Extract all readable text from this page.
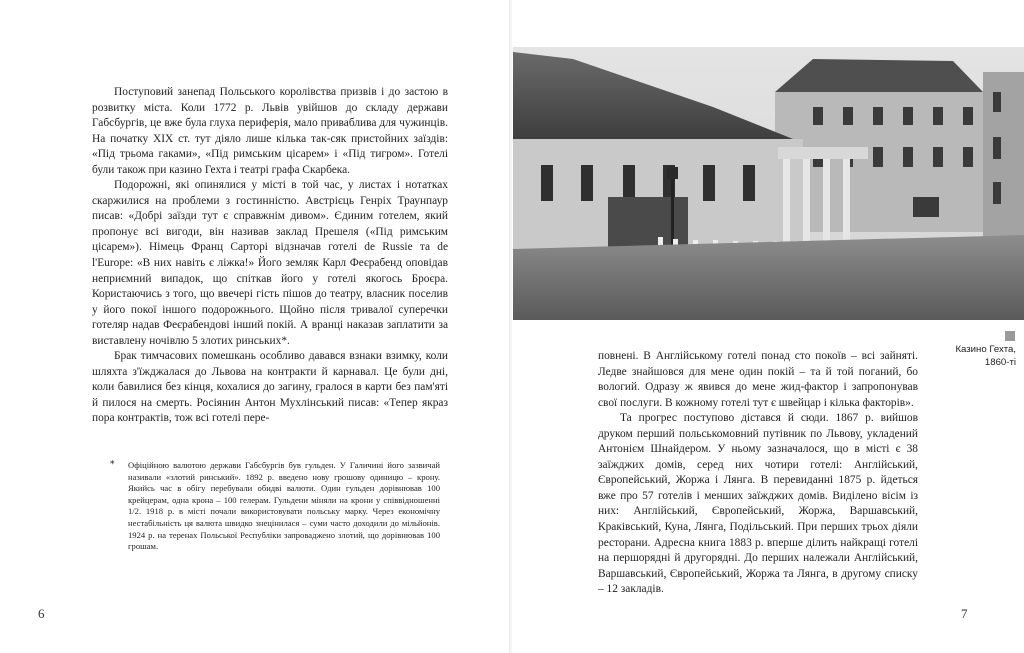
Поступовий занепад Польського королівства призвів і до застою в розвитку міста. Коли 1772 р. Львів увійшов до складу держави Габсбургів, це вже була глуха периферія, мало приваблива для чужинців. На початку XIX ст. тут діяло лише кілька так-сяк пристойних заїздів: «Під трьома гаками», «Під римським цісарем» і «Під тигром». Готелі були також при казино Гехта і театрі графа Скарбека.

Подорожні, які опинялися у місті в той час, у листах і нотатках скаржилися на проблеми з гостинністю. Австрієць Генріх Траунпаур писав: «Добрі заїзди тут є справжнім дивом». Єдиним готелем, який пропонує всі вигоди, він називав заклад Прешеля («Під римським цісарем»). Німець Франц Сарторі відзначав готелі de Russie та de l'Europe: «В них навіть є ліжка!» Його земляк Карл Феєрабенд оповідав неприємний випадок, що спіткав його у готелі якогось Броєра. Користаючись з того, що ввечері гість пішов до театру, власник поселив у його покої іншого подорожнього. Щойно після тривалої суперечки готеляр надав Феєрабендові інший покій. А вранці наказав заплатити за виставлену ночівлю 5 злотих ринських*.

Брак тимчасових помешкань особливо давався взнаки взимку, коли шляхта з'їжджалася до Львова на контракти й карнавал. Це були дні, коли бавилися без кінця, кохалися до загину, гралося в карти без пам'яті й пилося на смерть. Росіянин Антон Мухлінський писав: «Тепер якраз пора контрактів, тож всі готелі пере-

* Офіційною валютою держави Габсбургів був гульден. У Галичині його зазвичай називали «злотий ринський». 1892 р. введено нову грошову одиницю – крону. Якийсь час в обігу перебували обидві валюти. Один гульден дорівнював 100 крейцерам, одна крона – 100 гелерам. Гульдени міняли на крони у співвідношенні 1/2. 1918 р. в місті почали використовувати польську марку. Через економічну нестабільність ця валюта швидко знецінилася – суми часто доходили до мільйонів. 1924 р. на теренах Польської Республіки запроваджено злотий, що дорівнював 100 грошам.
6
Казино Гехта,
1860-ті

повнені. В Англійському готелі понад сто покоїв – всі зайняті. Ледве знайшовся для мене один покій – та й той поганий, бо вологий. Одразу ж явився до мене жид-фактор і запропонував свої послуги. В кожному готелі тут є швейцар і кілька факторів».

Та прогрес поступово дістався й сюди. 1867 р. вийшов друком перший польськомовний путівник по Львову, укладений Антонієм Шнайдером. У ньому зазначалося, що в місті є 38 заїжджих домів, серед них чотири готелі: Англійський, Європейський, Жоржа і Лянга. В перевиданні 1875 р. йдеться вже про 57 готелів і менших заїжджих домів. Виділено вісім із них: Англійський, Європейський, Жоржа, Варшавський, Краківський, Куна, Лянга, Подільський. При перших трьох діяли ресторани. Адресна книга 1883 р. вперше ділить найкращі готелі на першорядні й другорядні. До перших належали Англійський, Варшавський, Європейський, Жоржа та Лянга, в другому списку – 12 закладів.

7
